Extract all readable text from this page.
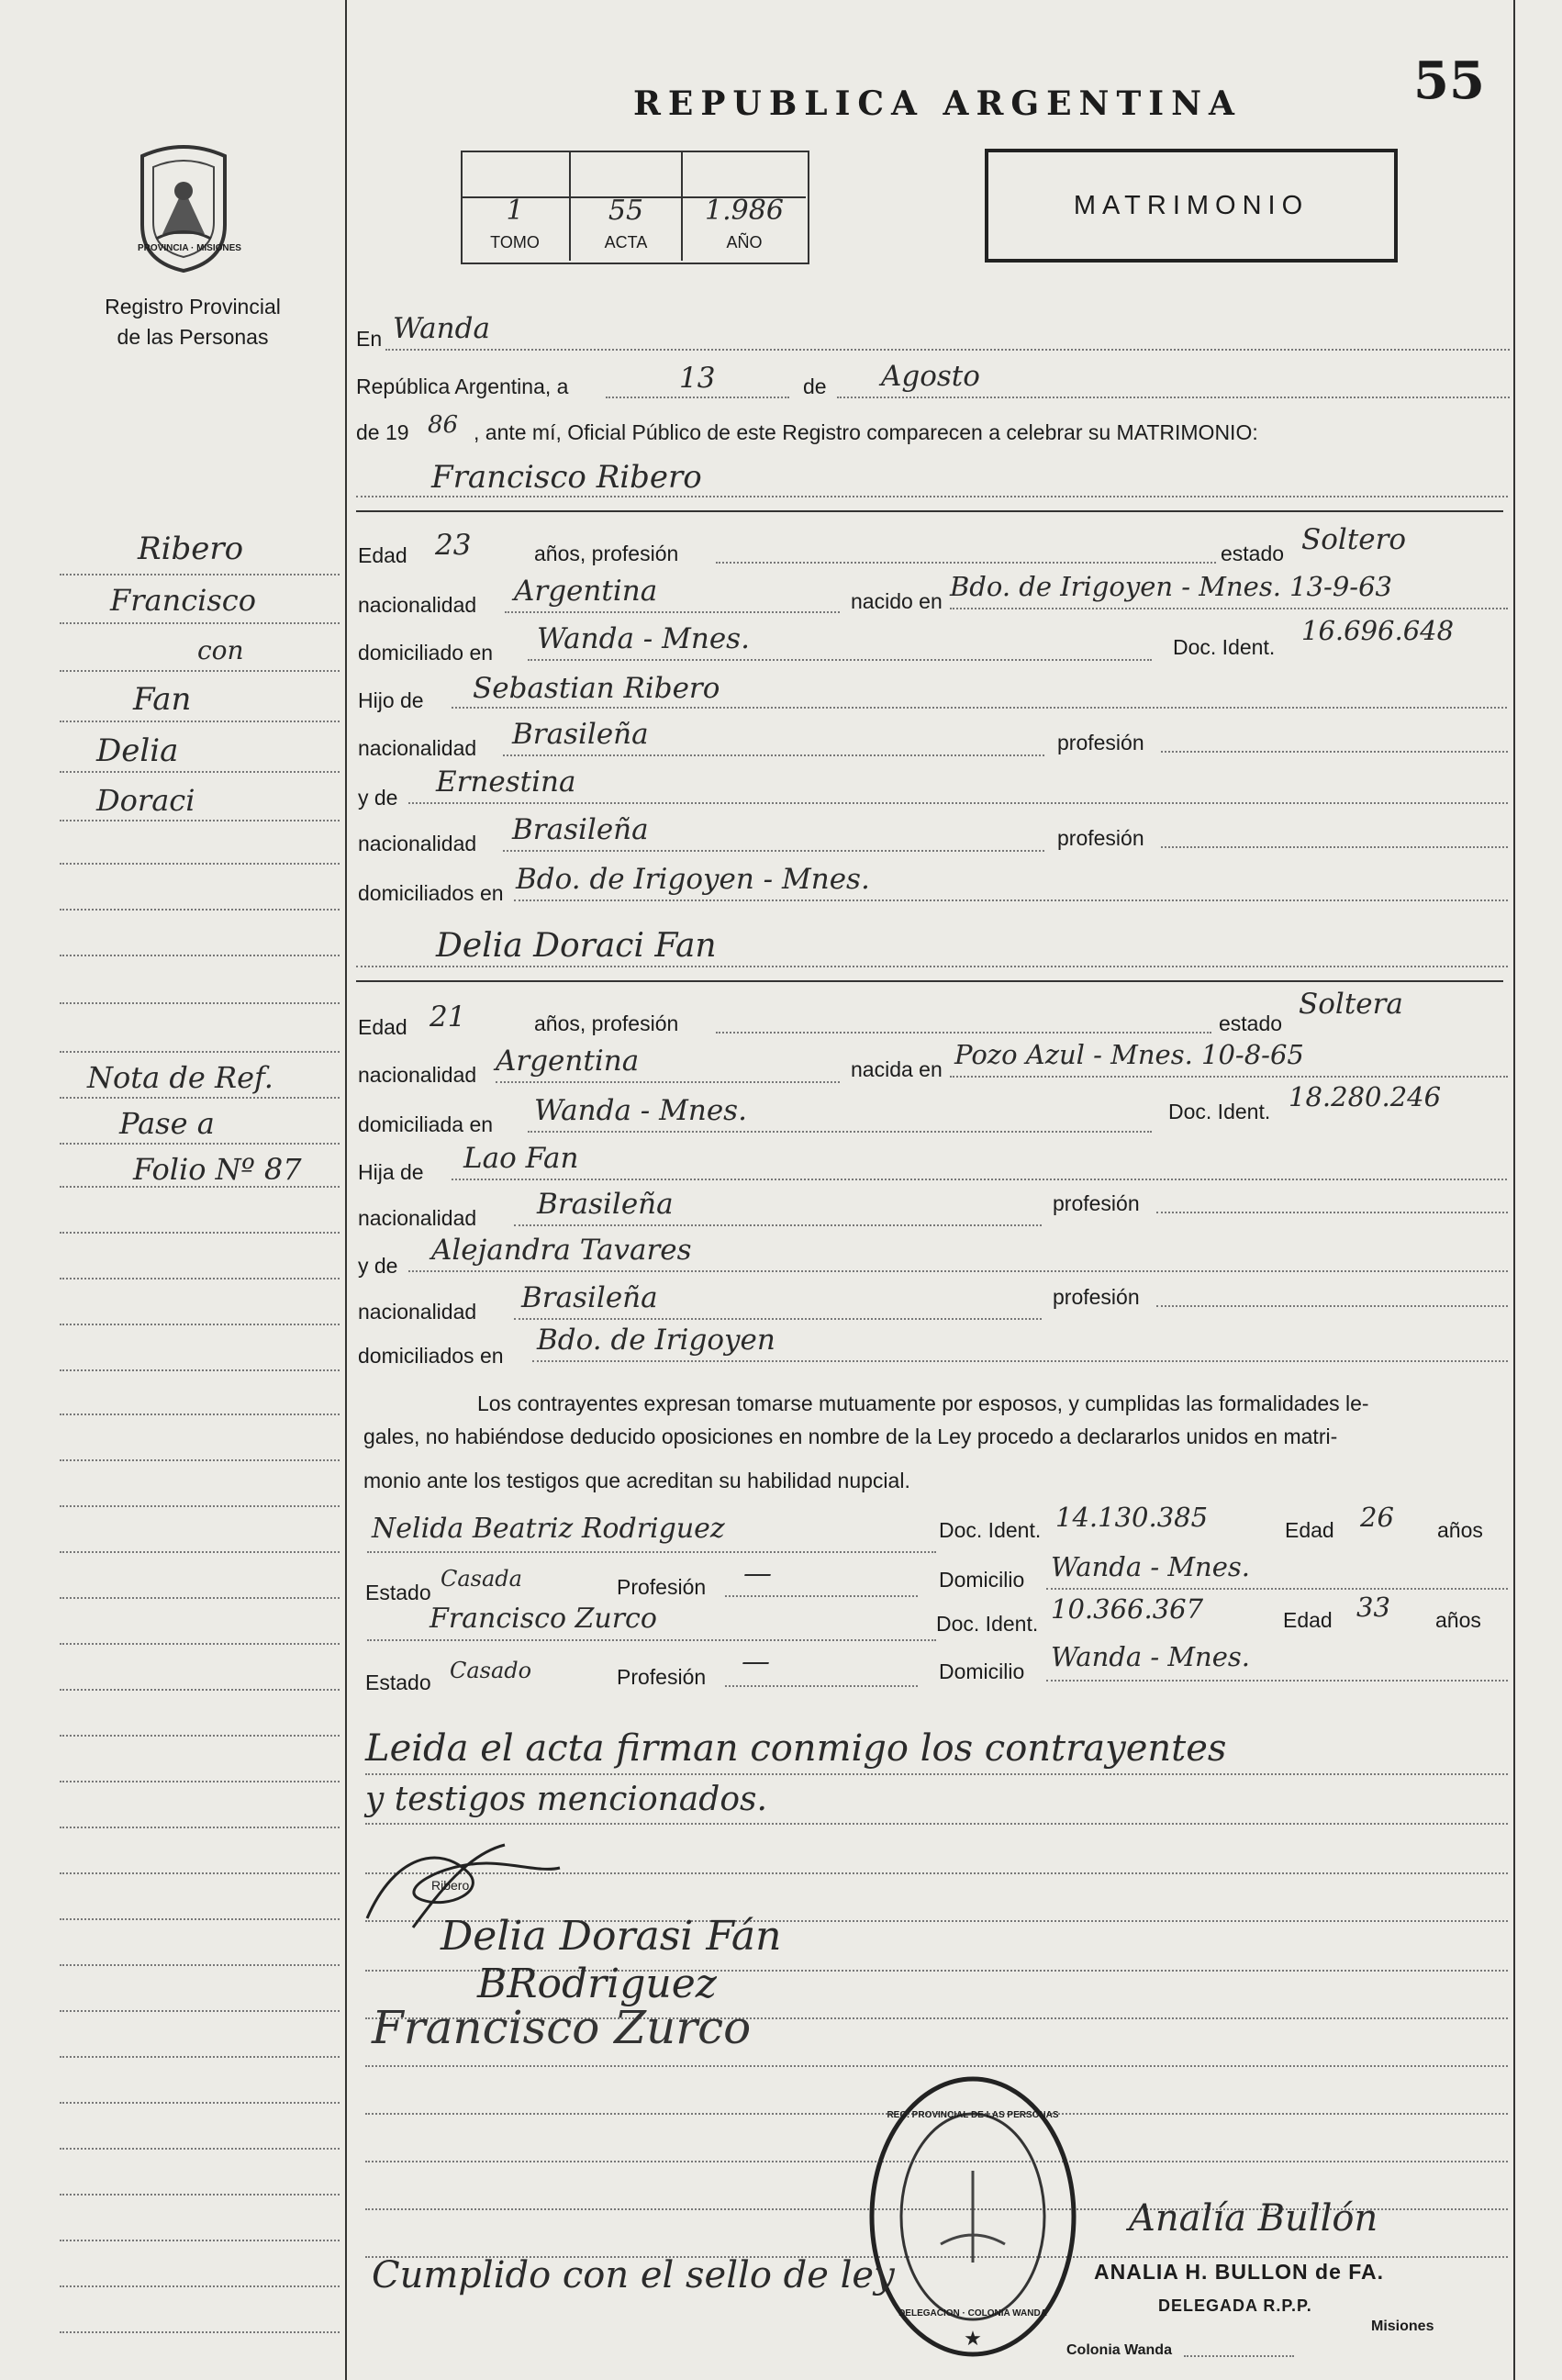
55
REPUBLICA ARGENTINA
PROVINCIA · MISIONES
Registro Provincial
de las Personas
1	55	1.986
TOMO	ACTA	AÑO
MATRIMONIO
Ribero
Francisco
con
Fan
Delia
Doraci
Nota de Ref.
Pase a
Folio Nº 87
En Wanda
República Argentina, a	13	de Agosto
de 19 86 , ante mí, Oficial Público de este Registro comparecen a celebrar su MATRIMONIO:
Francisco Ribero
Edad 23	años, profesión	estado Soltero
nacionalidad Argentina	nacido en Bdo. de Irigoyen - Mnes. 13-9-63
domiciliado en Wanda - Mnes.	Doc. Ident.
16.696.648
Hijo de Sebastian Ribero
nacionalidad Brasileña	profesión
y de Ernestina
nacionalidad Brasileña	profesión
domiciliados en Bdo. de Irigoyen - Mnes.
Delia Doraci Fan
Edad 21	años, profesión	estado
Soltera
nacionalidad Argentina	nacida en Pozo Azul - Mnes. 10-8-65
domiciliada en Wanda - Mnes.	Doc. Ident. 18.280.246
Hija de Lao Fan
nacionalidad Brasileña	profesión
y de Alejandra Tavares
nacionalidad Brasileña	profesión
domiciliados en Bdo. de Irigoyen
Los contrayentes expresan tomarse mutuamente por esposos, y cumplidas las formalidades le-
gales, no habiéndose deducido oposiciones en nombre de la Ley procedo a declararlos unidos en matri-
monio ante los testigos que acreditan su habilidad nupcial.
Nelida Beatriz Rodriguez	Doc. Ident. 14.130.385	Edad 26 años
Estado
Casada	Profesión —	Domicilio Wanda - Mnes.
Francisco Zurco	Doc. Ident. 10.366.367	Edad 33 años
Estado Casado	Profesión —	Domicilio Wanda - Mnes.
Leida el acta firman conmigo los contrayentes
y testigos mencionados.
Ribero
Delia Dorasi Fán
BRodriguez
Francisco Zurco
★
REG. PROVINCIAL DE LAS PERSONAS
DELEGACION · COLONIA WANDA
Cumplido con el sello de ley
Analía Bullón
ANALIA H. BULLON de FA.
DELEGADA R.P.P.
Colonia Wanda
Misiones
